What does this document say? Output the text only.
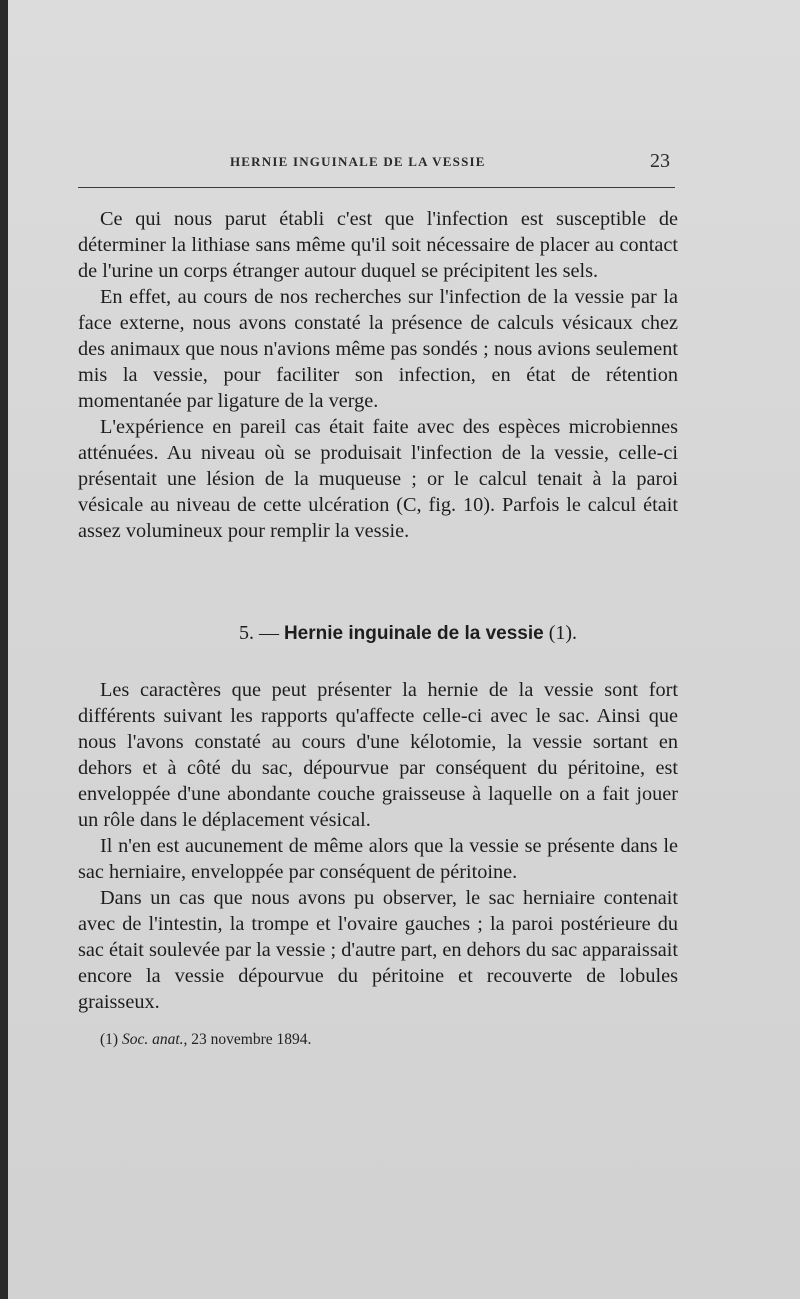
HERNIE INGUINALE DE LA VESSIE	23

Ce qui nous parut établi c'est que l'infection est susceptible de déterminer la lithiase sans même qu'il soit nécessaire de placer au contact de l'urine un corps étranger autour duquel se précipitent les sels.

En effet, au cours de nos recherches sur l'infection de la vessie par la face externe, nous avons constaté la présence de calculs vésicaux chez des animaux que nous n'avions même pas sondés ; nous avions seulement mis la vessie, pour faciliter son infection, en état de rétention momentanée par ligature de la verge.

L'expérience en pareil cas était faite avec des espèces microbiennes atténuées. Au niveau où se produisait l'infection de la vessie, celle-ci présentait une lésion de la muqueuse ; or le calcul tenait à la paroi vésicale au niveau de cette ulcération (C, fig. 10). Parfois le calcul était assez volumineux pour remplir la vessie.

5. — Hernie inguinale de la vessie (1).

Les caractères que peut présenter la hernie de la vessie sont fort différents suivant les rapports qu'affecte celle-ci avec le sac. Ainsi que nous l'avons constaté au cours d'une kélotomie, la vessie sortant en dehors et à côté du sac, dépourvue par conséquent du péritoine, est enveloppée d'une abondante couche graisseuse à laquelle on a fait jouer un rôle dans le déplacement vésical.

Il n'en est aucunement de même alors que la vessie se présente dans le sac herniaire, enveloppée par conséquent de péritoine.

Dans un cas que nous avons pu observer, le sac herniaire contenait avec de l'intestin, la trompe et l'ovaire gauches ; la paroi postérieure du sac était soulevée par la vessie ; d'autre part, en dehors du sac apparaissait encore la vessie dépourvue du péritoine et recouverte de lobules graisseux.

(1) Soc. anat., 23 novembre 1894.
